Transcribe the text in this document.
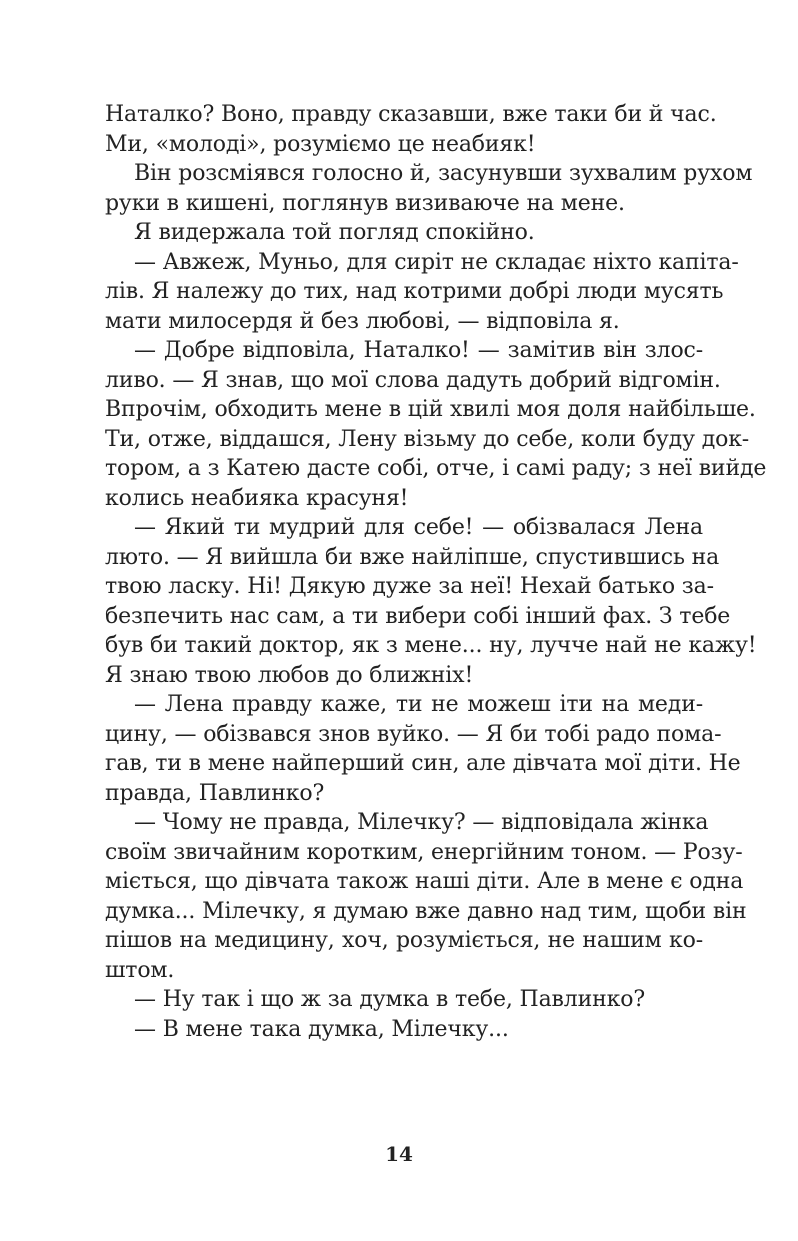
Наталко? Воно, правду сказавши, вже таки би й час.
Ми, «молоді», розуміємо це неабияк!
Він розсміявся голосно й, засунувши зухвалим рухом
руки в кишені, поглянув визиваюче на мене.
Я видержала той погляд спокійно.
— Авжеж, Муньо, для сиріт не складає ніхто капіта-
лів. Я належу до тих, над котрими добрі люди мусять
мати милосердя й без любові, — відповіла я.
— Добре відповіла, Наталко! — замітив він злос-
ливо. — Я знав, що мої слова дадуть добрий відгомін.
Впрочім, обходить мене в цій хвилі моя доля найбільше.
Ти, отже, віддашся, Лену візьму до себе, коли буду док-
тором, а з Катею дасте собі, отче, і самі раду; з неї вийде
колись неабияка красуня!
— Який ти мудрий для себе! — обізвалася Лена
люто. — Я вийшла би вже найліпше, спустившись на
твою ласку. Ні! Дякую дуже за неї! Нехай батько за-
безпечить нас сам, а ти вибери собі інший фах. З тебе
був би такий доктор, як з мене... ну, лучче най не кажу!
Я знаю твою любов до ближніх!
— Лена правду каже, ти не можеш іти на меди-
цину, — обізвався знов вуйко. — Я би тобі радо пома-
гав, ти в мене найперший син, але дівчата мої діти. Не
правда, Павлинко?
— Чому не правда, Мілечку? — відповідала жінка
своїм звичайним коротким, енергійним тоном. — Розу-
міється, що дівчата також наші діти. Але в мене є одна
думка... Мілечку, я думаю вже давно над тим, щоби він
пішов на медицину, хоч, розуміється, не нашим ко-
штом.
— Ну так і що ж за думка в тебе, Павлинко?
— В мене така думка, Мілечку...
14
